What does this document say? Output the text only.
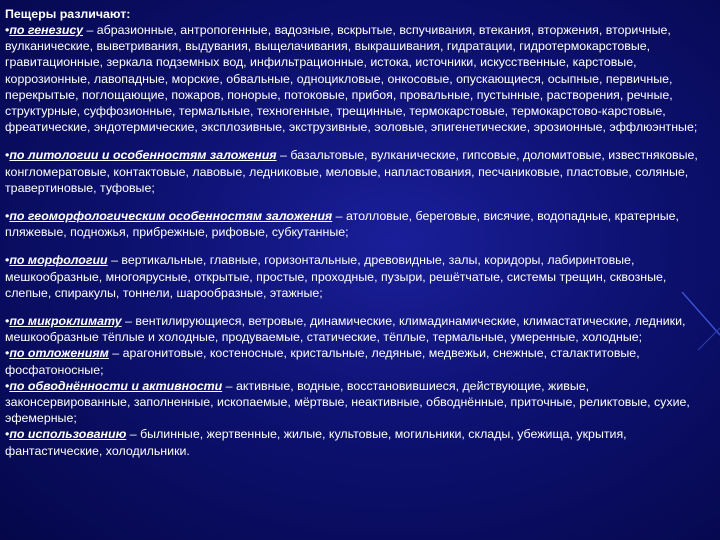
Пещеры различают:

•по генезису – абразионные, антропогенные, вадозные, вскрытые, вспучивания, втекания, вторжения, вторичные, вулканические, выветривания, выдувания, выщелачивания, выкрашивания, гидратации, гидротермокарстовые, гравитационные, зеркала подземных вод, инфильтрационные, истока, источники, искусственные, карстовые, коррозионные, лавопадные, морские, обвальные, одноцикловые, онкосовые, опускающиеся, осыпные, первичные, перекрытые, поглощающие, пожаров, понорые, потоковые, прибоя, провальные, пустынные, растворения, речные, структурные, суффозионные, термальные, техногенные, трещинные, термокарстовые, термокарстово-карстовые, фреатические, эндотермические, эксплозивные, экструзивные, эоловые, эпигенетические, эрозионные, эффлюэнтные;

•по литологии и особенностям заложения – базальтовые, вулканические, гипсовые, доломитовые, известняковые, конгломератовые, контактовые, лавовые, ледниковые, меловые, напластования, песчаниковые, пластовые, соляные, травертиновые, туфовые;

•по геоморфологическим особенностям заложения – атолловые, береговые, висячие, водопадные, кратерные, пляжевые, подножья, прибрежные, рифовые, субкутанные;

•по морфологии – вертикальные, главные, горизонтальные, древовидные, залы, коридоры, лабиринтовые, мешкообразные, многоярусные, открытые, простые, проходные, пузыри, решётчатые, системы трещин, сквозные, слепые, спиракулы, тоннели, шарообразные, этажные;

•по микроклимату – вентилирующиеся, ветровые, динамические, климадинамические, климастатические, ледники, мешкообразные тёплые и холодные, продуваемые, статические, тёплые, термальные, умеренные, холодные;

•по отложениям – арагонитовые, костеносные, кристальные, ледяные, медвежьи, снежные, сталактитовые, фосфатоносные;

•по обводнённости и активности – активные, водные, восстановившиеся, действующие, живые, законсервированные, заполненные, ископаемые, мёртвые, неактивные, обводнённые, приточные, реликтовые, сухие, эфемерные;

•по использованию – былинные, жертвенные, жилые, культовые, могильники, склады, убежища, укрытия, фантастические, холодильники.
